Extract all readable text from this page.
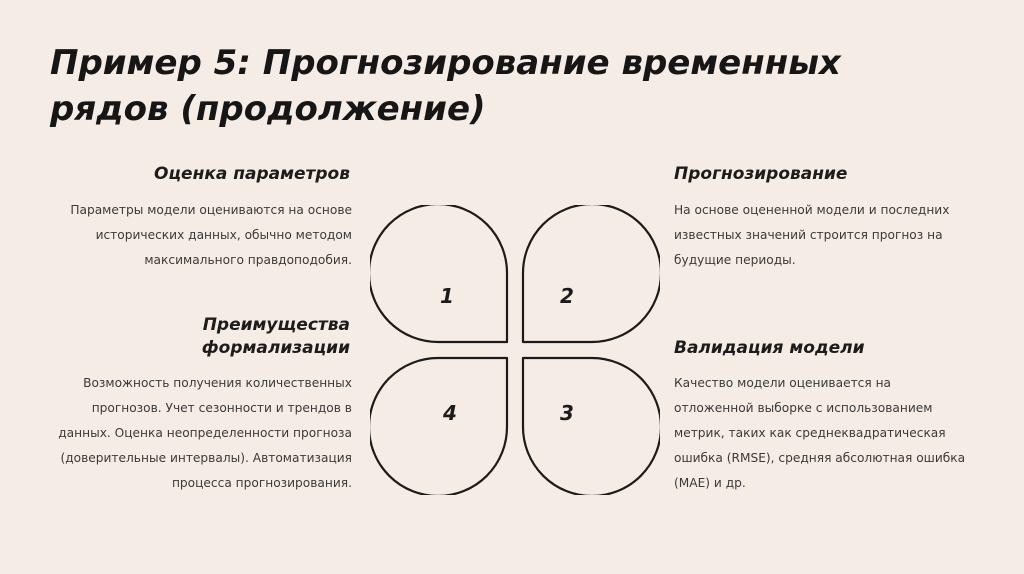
Пример 5: Прогнозирование временных рядов (продолжение)
Оценка параметров

Параметры модели оцениваются на основе исторических данных, обычно методом максимального правдоподобия.

Прогнозирование

На основе оцененной модели и последних известных значений строится прогноз на будущие периоды.

Преимущества формализации

Возможность получения количественных прогнозов. Учет сезонности и трендов в данных. Оценка неопределенности прогноза (доверительные интервалы). Автоматизация процесса прогнозирования.

Валидация модели

Качество модели оценивается на отложенной выборке с использованием метрик, таких как среднеквадратическая ошибка (RMSE), средняя абсолютная ошибка (MAE) и др.

1	2
3
4
